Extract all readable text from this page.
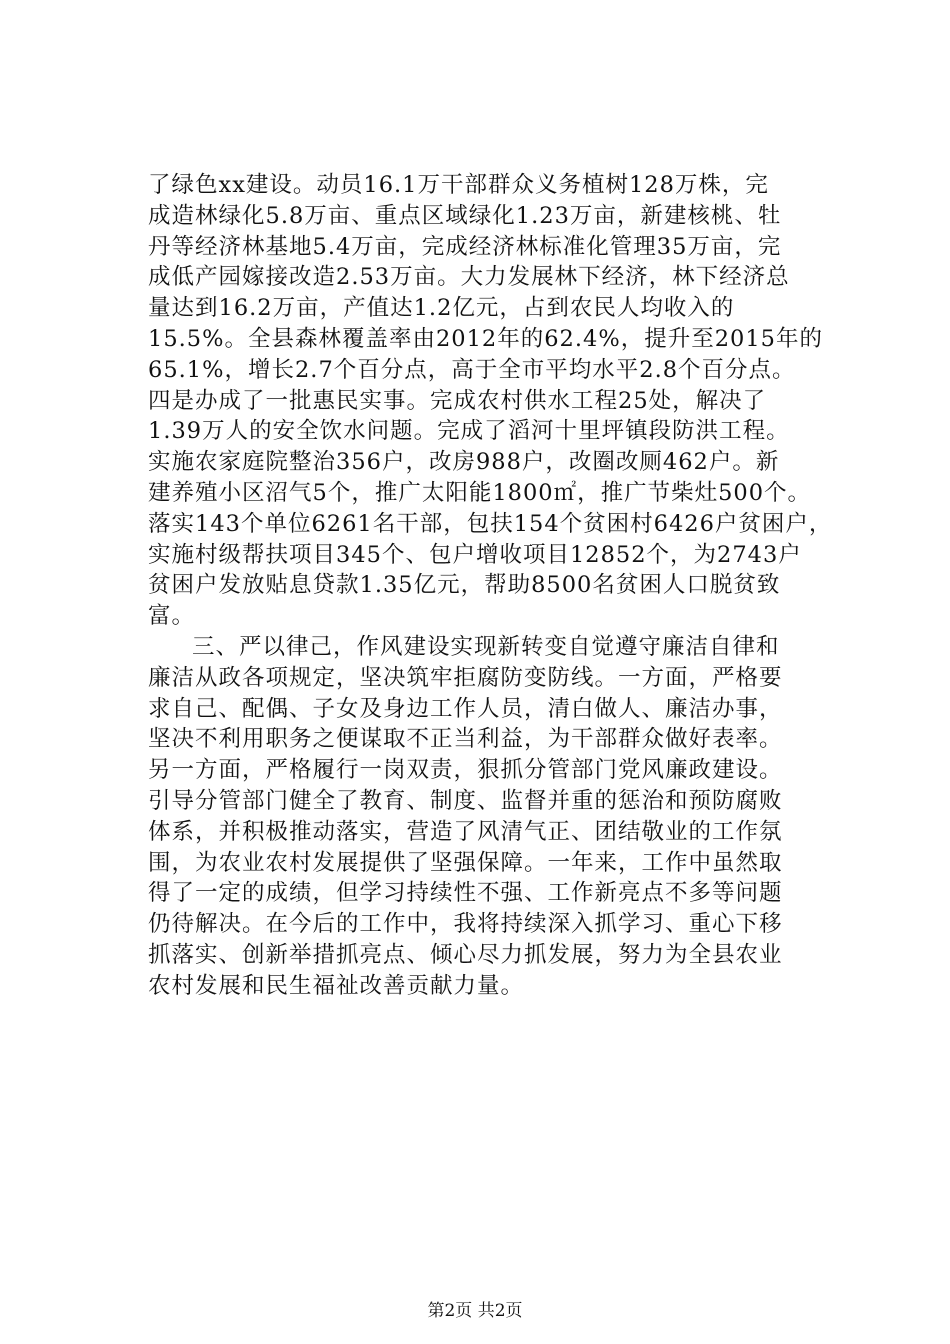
了绿色xx建设。动员16.1万干部群众义务植树128万株，完
成造林绿化5.8万亩、重点区域绿化1.23万亩，新建核桃、牡
丹等经济林基地5.4万亩，完成经济林标准化管理35万亩，完
成低产园嫁接改造2.53万亩。大力发展林下经济，林下经济总
量达到16.2万亩，产值达1.2亿元，占到农民人均收入的
15.5%。全县森林覆盖率由2012年的62.4%，提升至2015年的
65.1%，增长2.7个百分点，高于全市平均水平2.8个百分点。
四是办成了一批惠民实事。完成农村供水工程25处，解决了
1.39万人的安全饮水问题。完成了滔河十里坪镇段防洪工程。
实施农家庭院整治356户，改房988户，改圈改厕462户。新
建养殖小区沼气5个，推广太阳能1800㎡，推广节柴灶500个。
落实143个单位6261名干部，包扶154个贫困村6426户贫困户，
实施村级帮扶项目345个、包户增收项目12852个，为2743户
贫困户发放贴息贷款1.35亿元，帮助8500名贫困人口脱贫致
富。
三、严以律己，作风建设实现新转变自觉遵守廉洁自律和
廉洁从政各项规定，坚决筑牢拒腐防变防线。一方面，严格要
求自己、配偶、子女及身边工作人员，清白做人、廉洁办事，
坚决不利用职务之便谋取不正当利益，为干部群众做好表率。
另一方面，严格履行一岗双责，狠抓分管部门党风廉政建设。
引导分管部门健全了教育、制度、监督并重的惩治和预防腐败
体系，并积极推动落实，营造了风清气正、团结敬业的工作氛
围，为农业农村发展提供了坚强保障。一年来，工作中虽然取
得了一定的成绩，但学习持续性不强、工作新亮点不多等问题
仍待解决。在今后的工作中，我将持续深入抓学习、重心下移
抓落实、创新举措抓亮点、倾心尽力抓发展，努力为全县农业
农村发展和民生福祉改善贡献力量。
第2页 共2页
